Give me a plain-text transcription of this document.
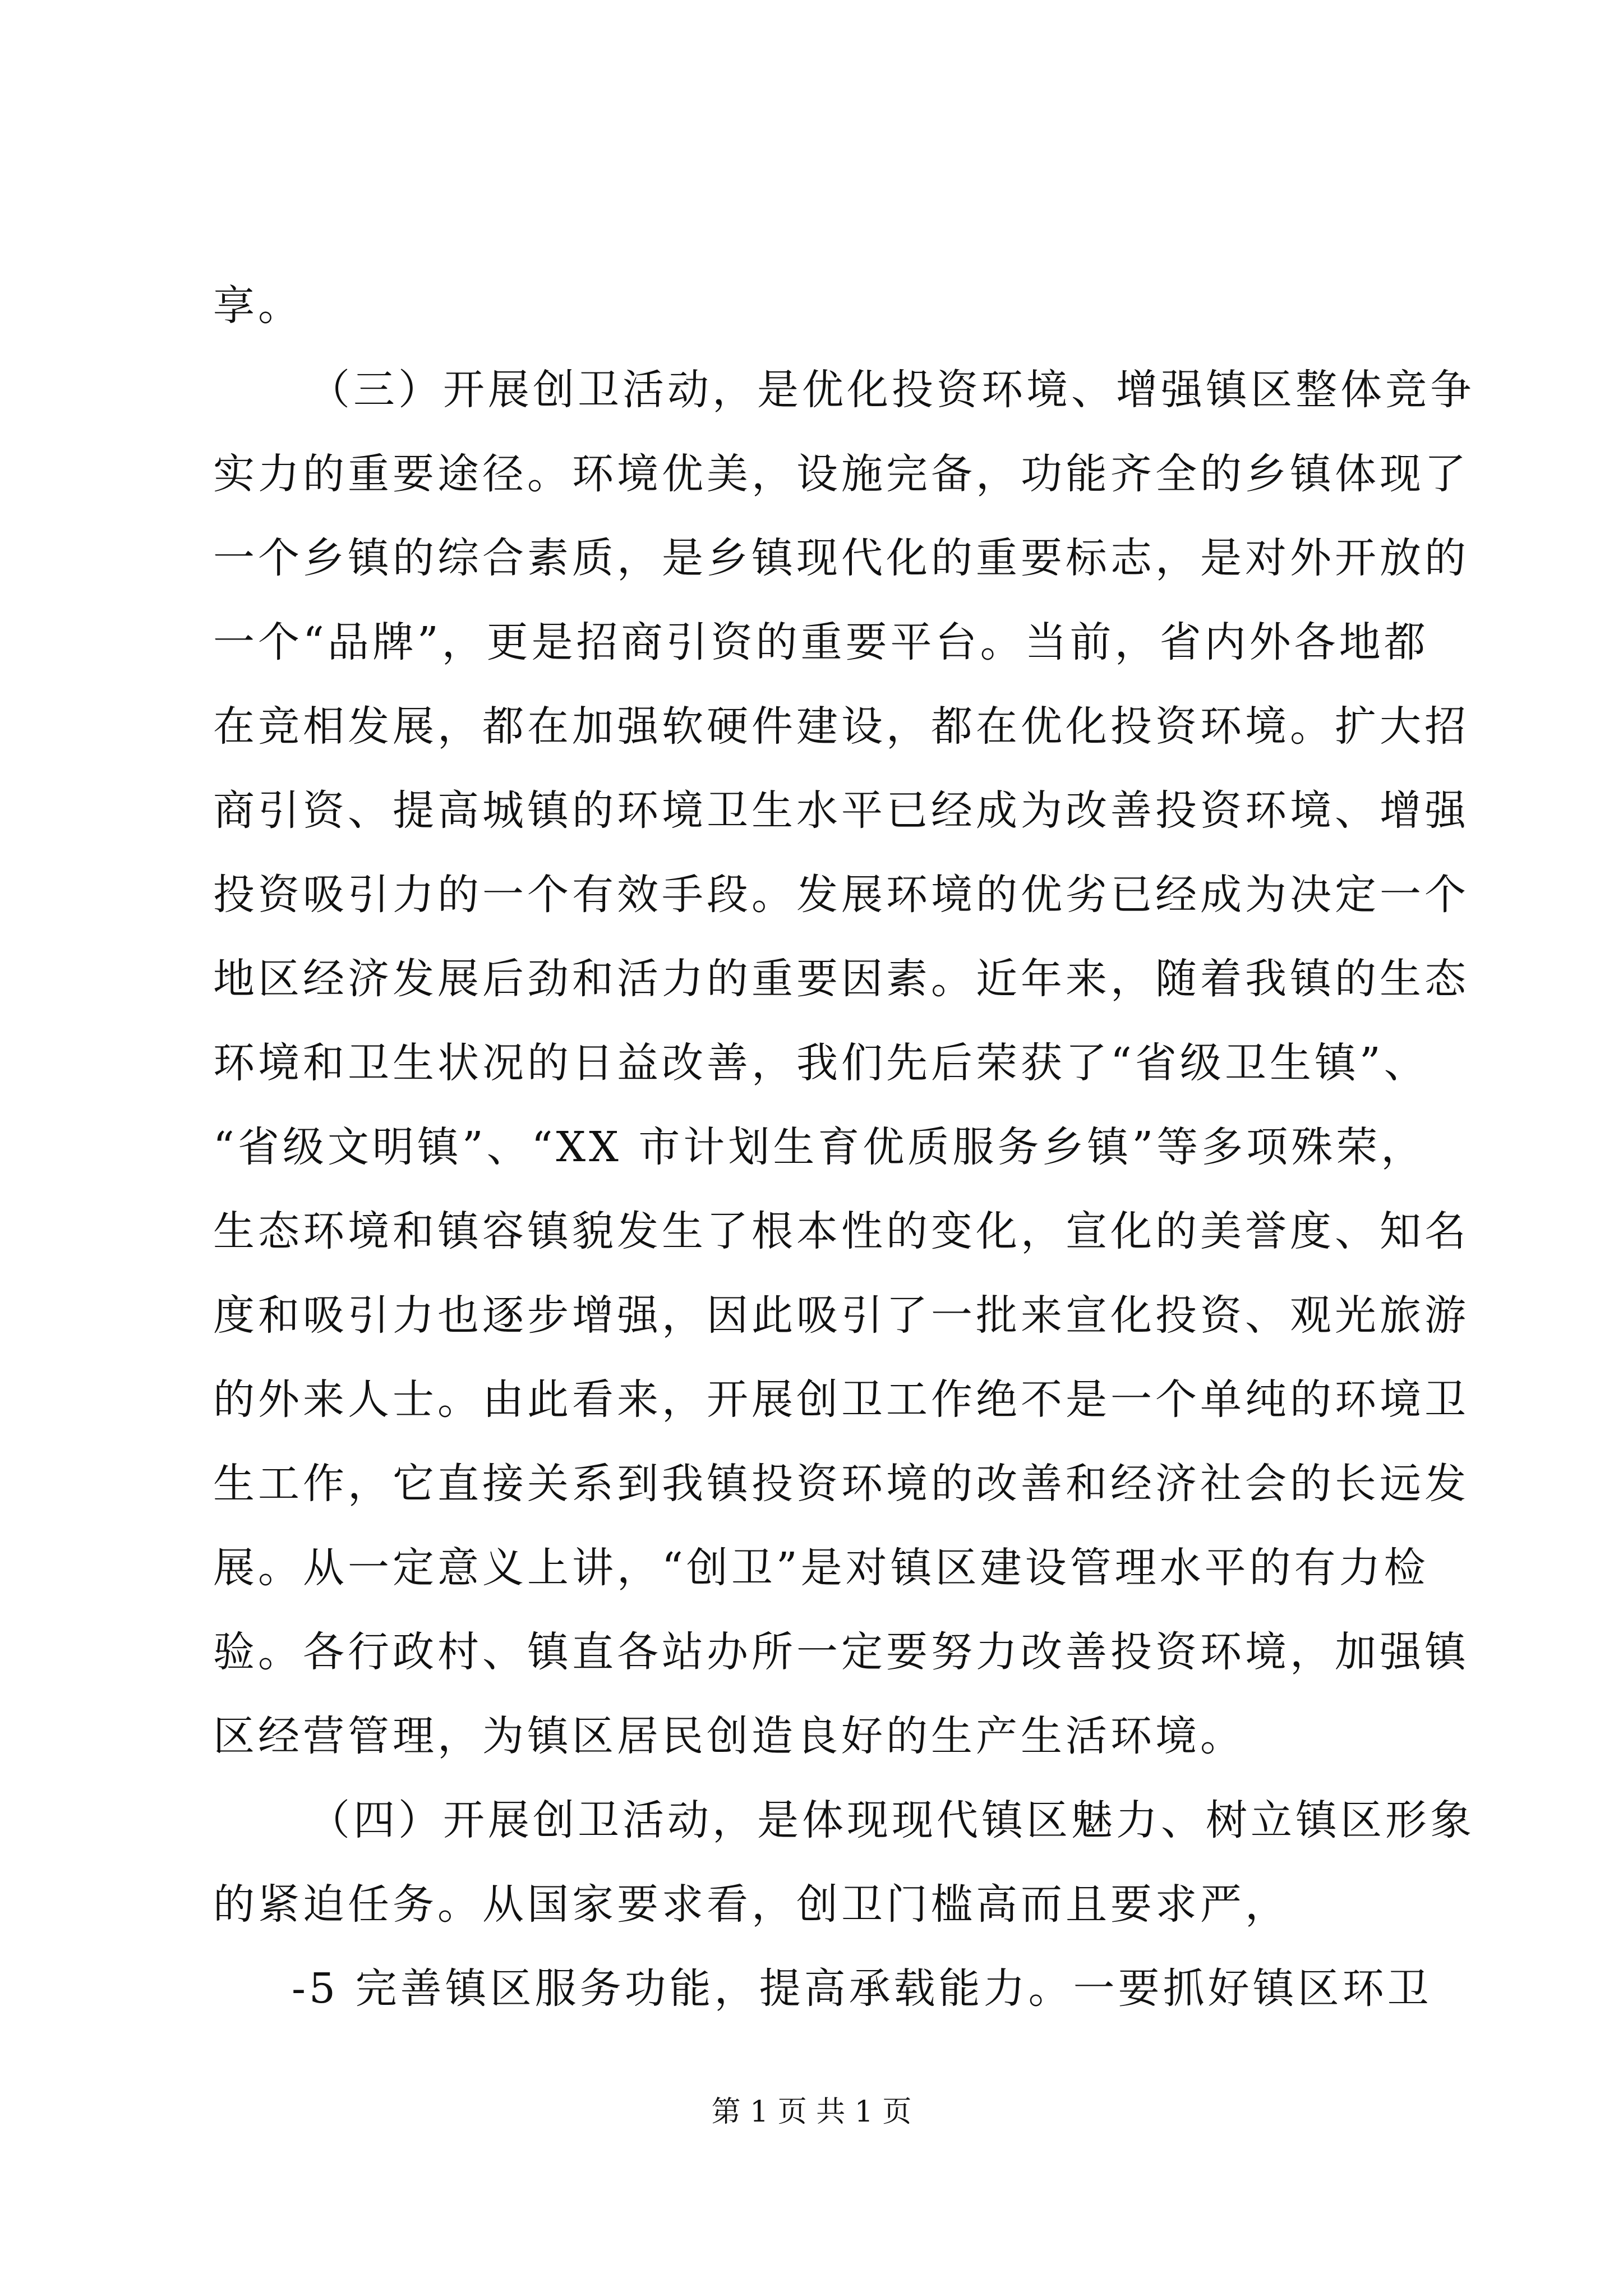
享。
（三）开展创卫活动，是优化投资环境、增强镇区整体竞争
实力的重要途径。环境优美，设施完备，功能齐全的乡镇体现了
一个乡镇的综合素质，是乡镇现代化的重要标志，是对外开放的
一个“品牌”，更是招商引资的重要平台。当前，省内外各地都
在竞相发展，都在加强软硬件建设，都在优化投资环境。扩大招
商引资、提高城镇的环境卫生水平已经成为改善投资环境、增强
投资吸引力的一个有效手段。发展环境的优劣已经成为决定一个
地区经济发展后劲和活力的重要因素。近年来，随着我镇的生态
环境和卫生状况的日益改善，我们先后荣获了“省级卫生镇”、
“省级文明镇”、“XX 市计划生育优质服务乡镇”等多项殊荣，
生态环境和镇容镇貌发生了根本性的变化，宣化的美誉度、知名
度和吸引力也逐步增强，因此吸引了一批来宣化投资、观光旅游
的外来人士。由此看来，开展创卫工作绝不是一个单纯的环境卫
生工作，它直接关系到我镇投资环境的改善和经济社会的长远发
展。从一定意义上讲，“创卫”是对镇区建设管理水平的有力检
验。各行政村、镇直各站办所一定要努力改善投资环境，加强镇
区经营管理，为镇区居民创造良好的生产生活环境。
（四）开展创卫活动，是体现现代镇区魅力、树立镇区形象
的紧迫任务。从国家要求看，创卫门槛高而且要求严，
-5 完善镇区服务功能，提高承载能力。一要抓好镇区环卫
第 1 页 共 1 页
